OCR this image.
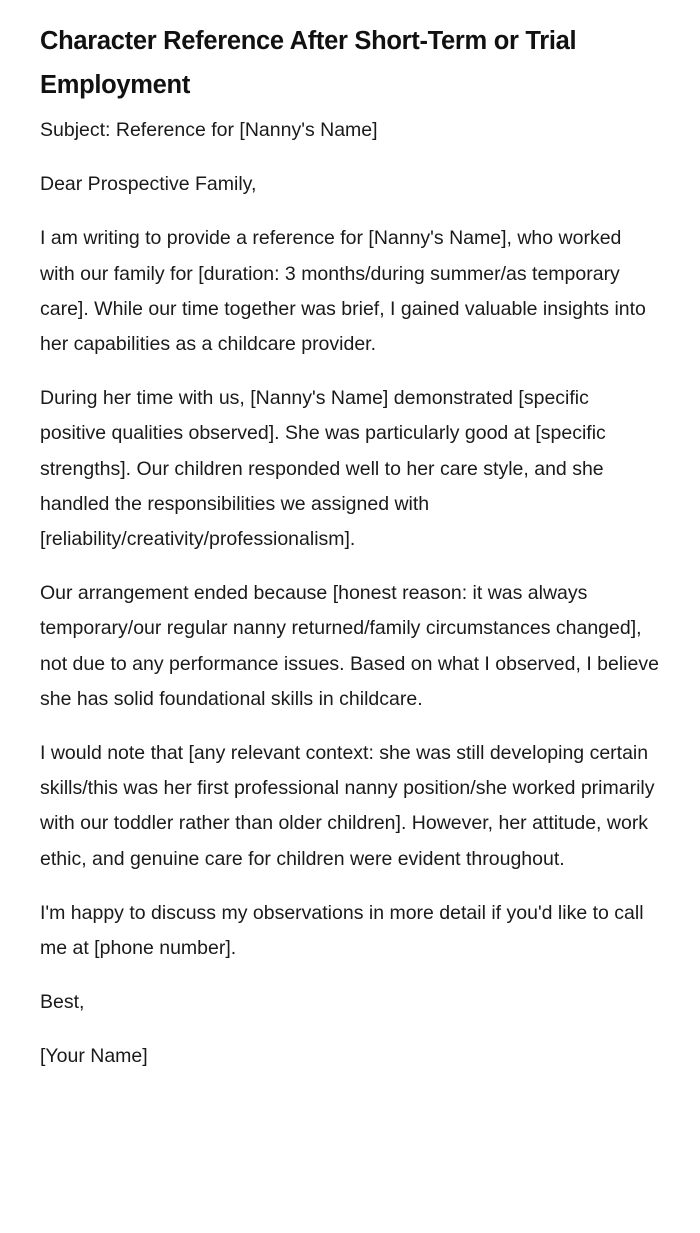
Character Reference After Short-Term or Trial Employment

Subject: Reference for [Nanny's Name]

Dear Prospective Family,

I am writing to provide a reference for [Nanny's Name], who worked with our family for [duration: 3 months/during summer/as temporary care]. While our time together was brief, I gained valuable insights into her capabilities as a childcare provider.

During her time with us, [Nanny's Name] demonstrated [specific positive qualities observed]. She was particularly good at [specific strengths]. Our children responded well to her care style, and she handled the responsibilities we assigned with [reliability/creativity/professionalism].

Our arrangement ended because [honest reason: it was always temporary/our regular nanny returned/family circumstances changed], not due to any performance issues. Based on what I observed, I believe she has solid foundational skills in childcare.

I would note that [any relevant context: she was still developing certain skills/this was her first professional nanny position/she worked primarily with our toddler rather than older children]. However, her attitude, work ethic, and genuine care for children were evident throughout.

I'm happy to discuss my observations in more detail if you'd like to call me at [phone number].

Best,

[Your Name]
